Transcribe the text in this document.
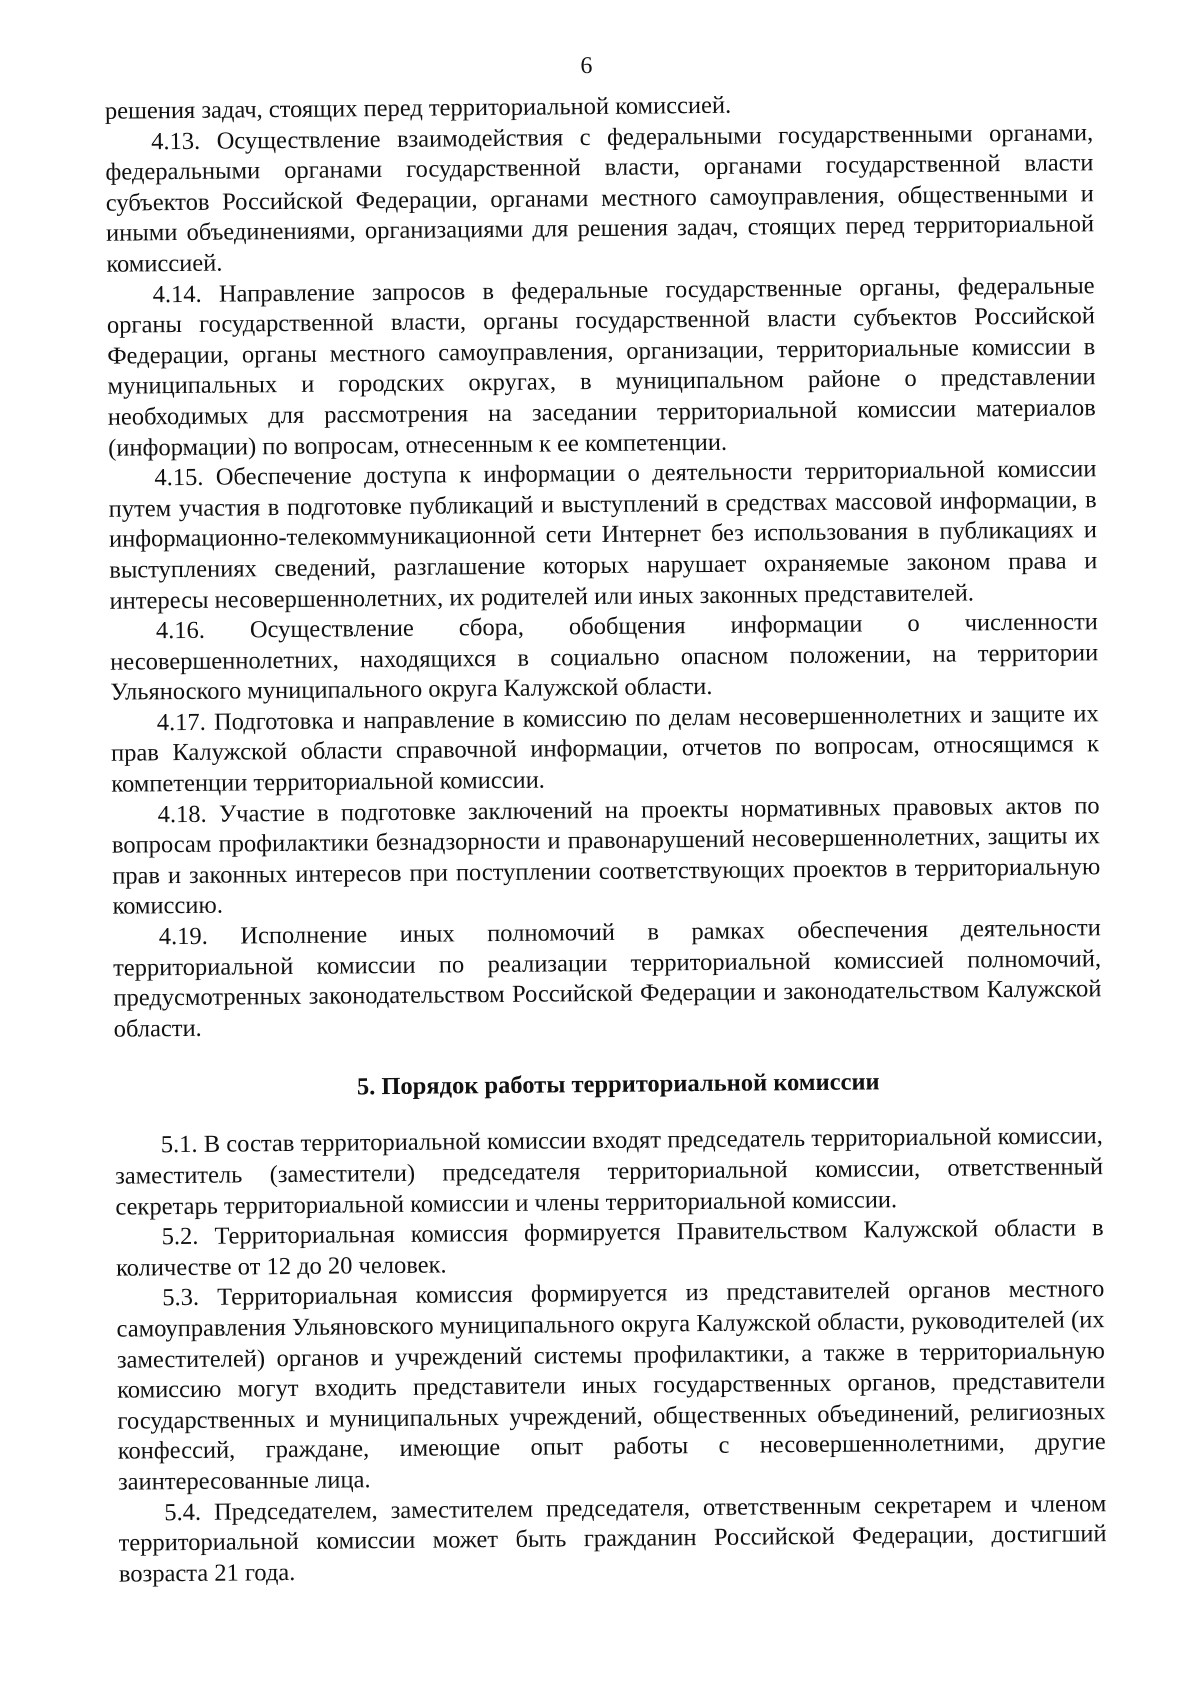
6

решения задач, стоящих перед территориальной комиссией.

4.13. Осуществление взаимодействия с федеральными государственными органами, федеральными органами государственной власти, органами государственной власти субъектов Российской Федерации, органами местного самоуправления, общественными и иными объединениями, организациями для решения задач, стоящих перед территориальной комиссией.

4.14. Направление запросов в федеральные государственные органы, федеральные органы государственной власти, органы государственной власти субъектов Российской Федерации, органы местного самоуправления, организации, территориальные комиссии в муниципальных и городских округах, в муниципальном районе о представлении необходимых для рассмотрения на заседании территориальной комиссии материалов (информации) по вопросам, отнесенным к ее компетенции.

4.15. Обеспечение доступа к информации о деятельности территориальной комиссии путем участия в подготовке публикаций и выступлений в средствах массовой информации, в информационно-телекоммуникационной сети Интернет без использования в публикациях и выступлениях сведений, разглашение которых нарушает охраняемые законом права и интересы несовершеннолетних, их родителей или иных законных представителей.

4.16. Осуществление сбора, обобщения информации о численности несовершеннолетних, находящихся в социально опасном положении, на территории Ульяноского муниципального округа Калужской области.

4.17. Подготовка и направление в комиссию по делам несовершеннолетних и защите их прав Калужской области справочной информации, отчетов по вопросам, относящимся к компетенции территориальной комиссии.

4.18. Участие в подготовке заключений на проекты нормативных правовых актов по вопросам профилактики безнадзорности и правонарушений несовершеннолетних, защиты их прав и законных интересов при поступлении соответствующих проектов в территориальную комиссию.

4.19. Исполнение иных полномочий в рамках обеспечения деятельности территориальной комиссии по реализации территориальной комиссией полномочий, предусмотренных законодательством Российской Федерации и законодательством Калужской области.

5. Порядок работы территориальной комиссии

5.1. В состав территориальной комиссии входят председатель территориальной комиссии, заместитель (заместители) председателя территориальной комиссии, ответственный секретарь территориальной комиссии и члены территориальной комиссии.

5.2. Территориальная комиссия формируется Правительством Калужской области в количестве от 12 до 20 человек.

5.3. Территориальная комиссия формируется из представителей органов местного самоуправления Ульяновского муниципального округа Калужской области, руководителей (их заместителей) органов и учреждений системы профилактики, а также в территориальную комиссию могут входить представители иных государственных органов, представители государственных и муниципальных учреждений, общественных объединений, религиозных конфессий, граждане, имеющие опыт работы с несовершеннолетними, другие заинтересованные лица.

5.4. Председателем, заместителем председателя, ответственным секретарем и членом территориальной комиссии может быть гражданин Российской Федерации, достигший возраста 21 года.
